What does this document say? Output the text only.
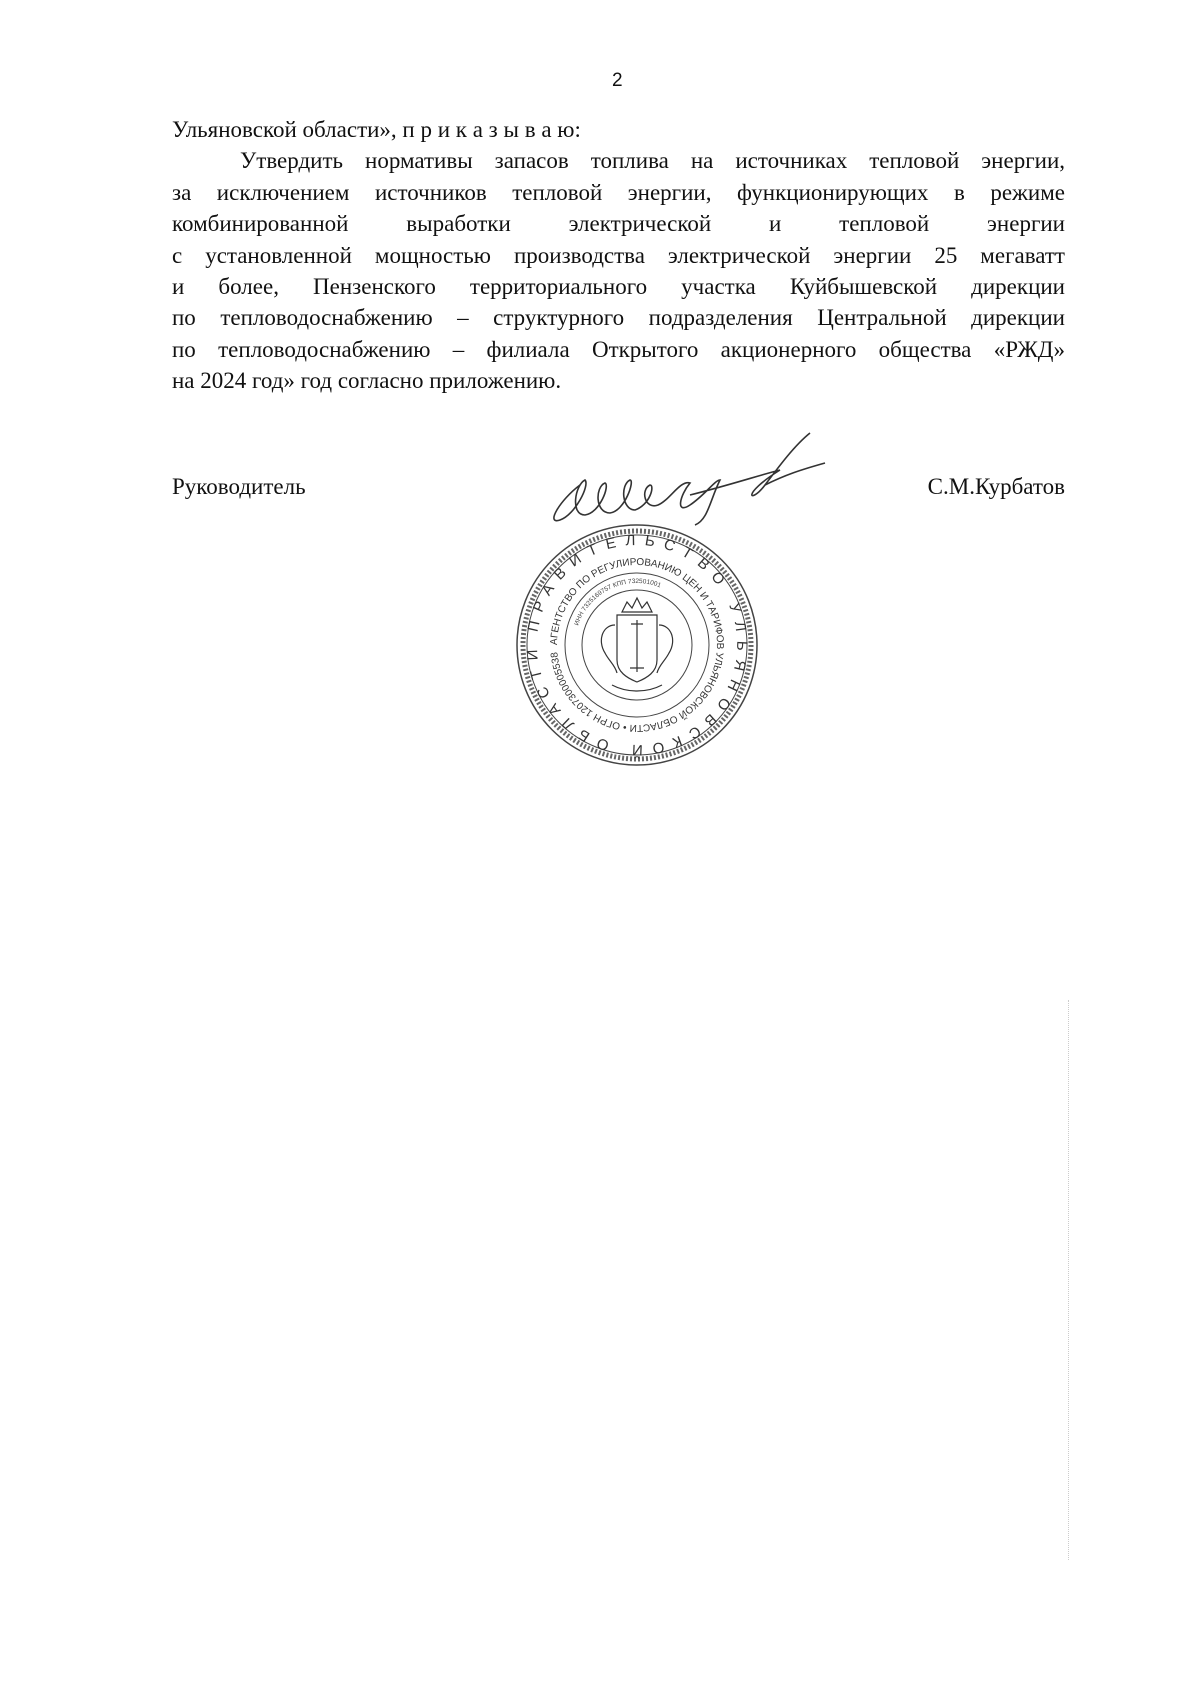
2
Ульяновской области», п р и к а з ы в а ю:
Утвердить нормативы запасов топлива на источниках тепловой энергии,
за исключением источников тепловой энергии, функционирующих в режиме
комбинированной выработки электрической и тепловой энергии
с установленной мощностью производства электрической энергии 25 мегаватт
и более, Пензенского территориального участка Куйбышевской дирекции
по тепловодоснабжению – структурного подразделения Центральной дирекции
по тепловодоснабжению – филиала Открытого акционерного общества «РЖД»
на 2024 год» год согласно приложению.
Руководитель	С.М.Курбатов
ПРАВИТЕЛЬСТВО УЛЬЯНОВСКОЙ ОБЛАСТИ АГЕНТСТВО ПО РЕГУЛИРОВАНИЮ ЦЕН И ТАРИФОВ УЛЬЯНОВСКОЙ ОБЛАСТИ • ОГРН 1207300005538
ИНН 7325169757 КПП 732501001
